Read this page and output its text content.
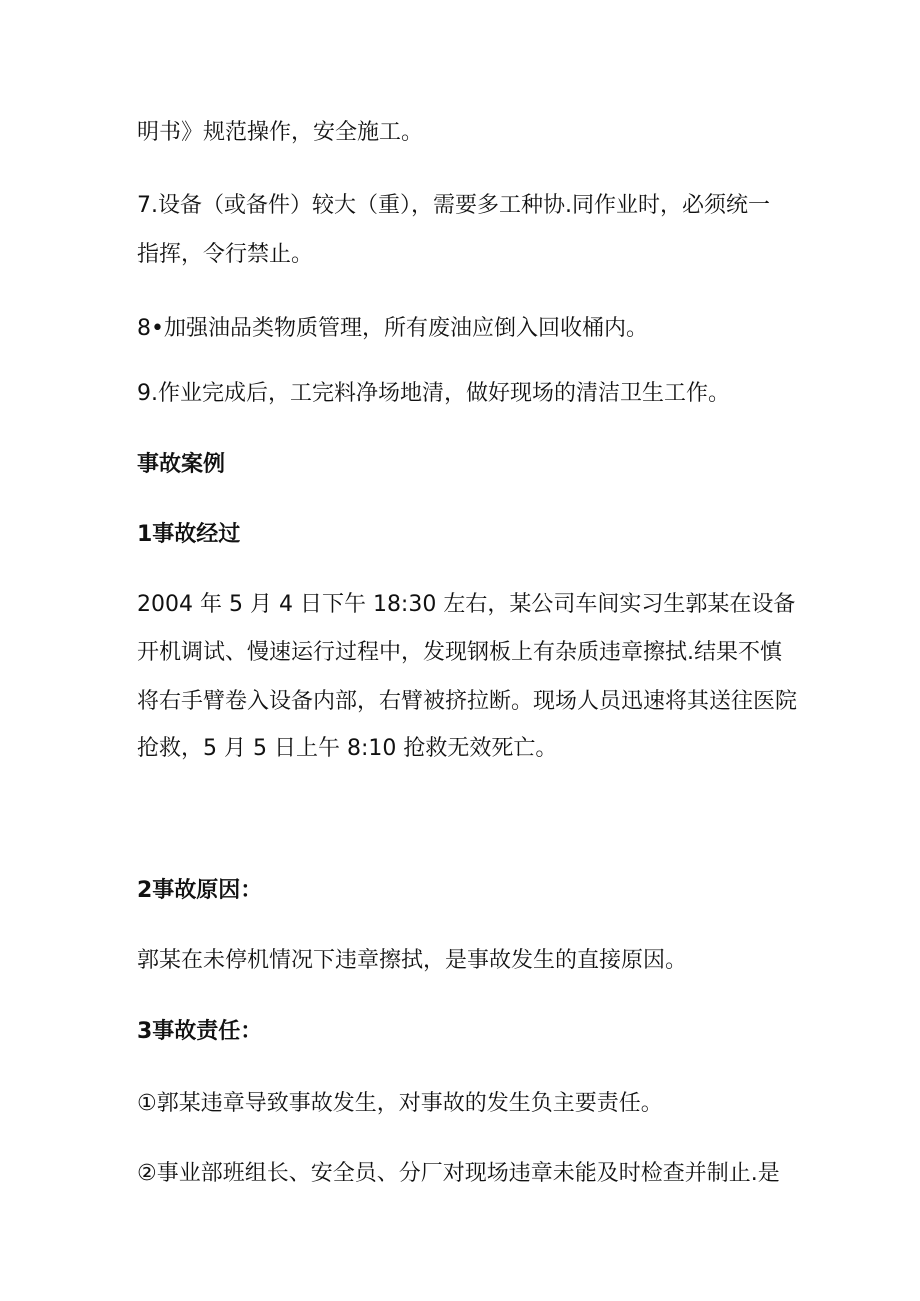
明书》规范操作，安全施工。

7.设备（或备件）较大（重），需要多工种协.同作业时，必须统一

指挥，令行禁止。

8•加强油品类物质管理，所有废油应倒入回收桶内。

9.作业完成后，工完料净场地清，做好现场的清洁卫生工作。

事故案例

1事故经过

2004 年 5 月 4 日下午 18:30 左右，某公司车间实习生郭某在设备

开机调试、慢速运行过程中，发现钢板上有杂质违章擦拭.结果不慎

将右手臂卷入设备内部，右臂被挤拉断。现场人员迅速将其送往医院

抢救，5 月 5 日上午 8:10 抢救无效死亡。

2事故原因：

郭某在未停机情况下违章擦拭，是事故发生的直接原因。

3事故责任：

①郭某违章导致事故发生，对事故的发生负主要责任。

②事业部班组长、安全员、分厂对现场违章未能及时检查并制止.是
